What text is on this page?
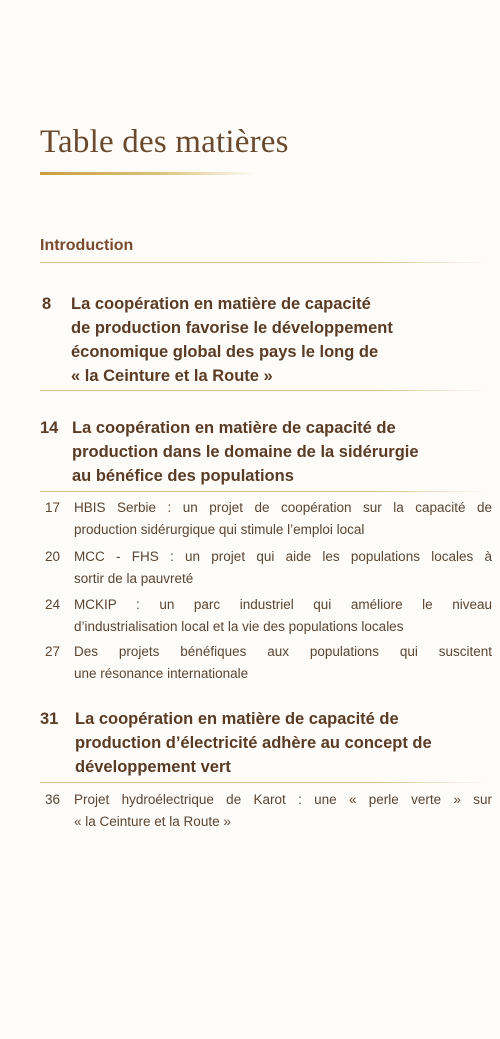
Table des matières
Introduction
8 La coopération en matière de capacité
de production favorise le développement
économique global des pays le long de
« la Ceinture et la Route »
14 La coopération en matière de capacité de
production dans le domaine de la sidérurgie
au bénéfice des populations
17 HBIS Serbie : un projet de coopération sur la capacité de
production sidérurgique qui stimule l’emploi local
20 MCC - FHS : un projet qui aide les populations locales à
sortir de la pauvreté
24 MCKIP : un parc industriel qui améliore le niveau
d’industrialisation local et la vie des populations locales
27 Des projets bénéfiques aux populations qui suscitent
une résonance internationale
31 La coopération en matière de capacité de
production d’électricité adhère au concept de
développement vert
36 Projet hydroélectrique de Karot : une « perle verte » sur
« la Ceinture et la Route »
